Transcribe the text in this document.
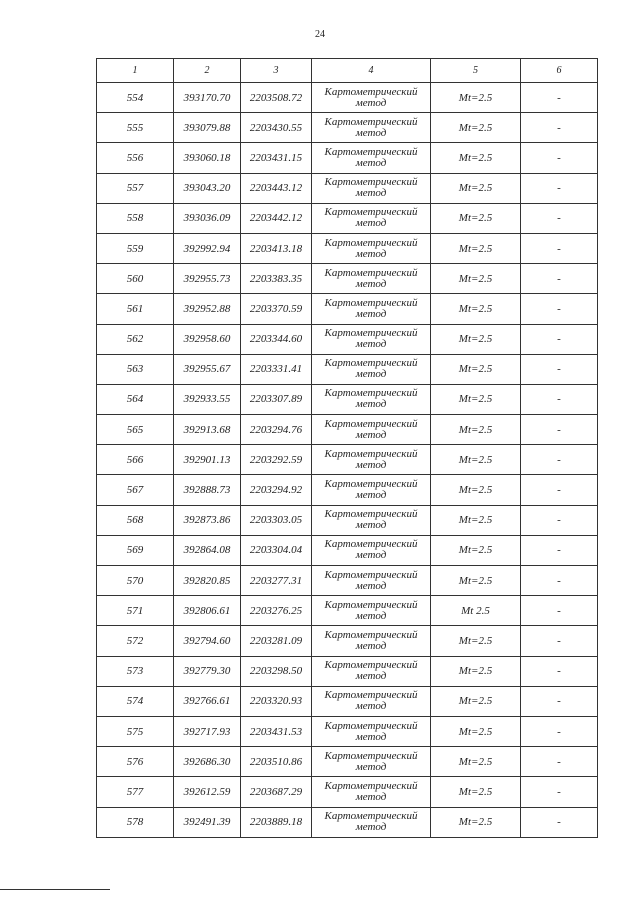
24
1	2	3	4	5	6
554	393170.70	2203508.72	Картометрический метод	Mt=2.5	-
555	393079.88	2203430.55	Картометрический метод	Mt=2.5	-
556	393060.18	2203431.15	Картометрический метод	Mt=2.5	-
557	393043.20	2203443.12	Картометрический метод	Mt=2.5	-
558	393036.09	2203442.12	Картометрический метод	Mt=2.5	-
559	392992.94	2203413.18	Картометрический метод	Mt=2.5	-
560	392955.73	2203383.35	Картометрический метод	Mt=2.5	-
561	392952.88	2203370.59	Картометрический метод	Mt=2.5	-
562	392958.60	2203344.60	Картометрический метод	Mt=2.5	-
563	392955.67	2203331.41	Картометрический метод	Mt=2.5	-
564	392933.55	2203307.89	Картометрический метод	Mt=2.5	-
565	392913.68	2203294.76	Картометрический метод	Mt=2.5	-
566	392901.13	2203292.59	Картометрический метод	Mt=2.5	-
567	392888.73	2203294.92	Картометрический метод	Mt=2.5	-
568	392873.86	2203303.05	Картометрический метод	Mt=2.5	-
569	392864.08	2203304.04	Картометрический метод	Mt=2.5	-
570	392820.85	2203277.31	Картометрический метод	Mt=2.5	-
571	392806.61	2203276.25	Картометрический метод	Mt 2.5	-
572	392794.60	2203281.09	Картометрический метод	Mt=2.5	-
573	392779.30	2203298.50	Картометрический метод	Mt=2.5	-
574	392766.61	2203320.93	Картометрический метод	Mt=2.5	-
575	392717.93	2203431.53	Картометрический метод	Mt=2.5	-
576	392686.30	2203510.86	Картометрический метод	Mt=2.5	-
577	392612.59	2203687.29	Картометрический метод	Mt=2.5	-
578	392491.39	2203889.18	Картометрический метод	Mt=2.5	-
